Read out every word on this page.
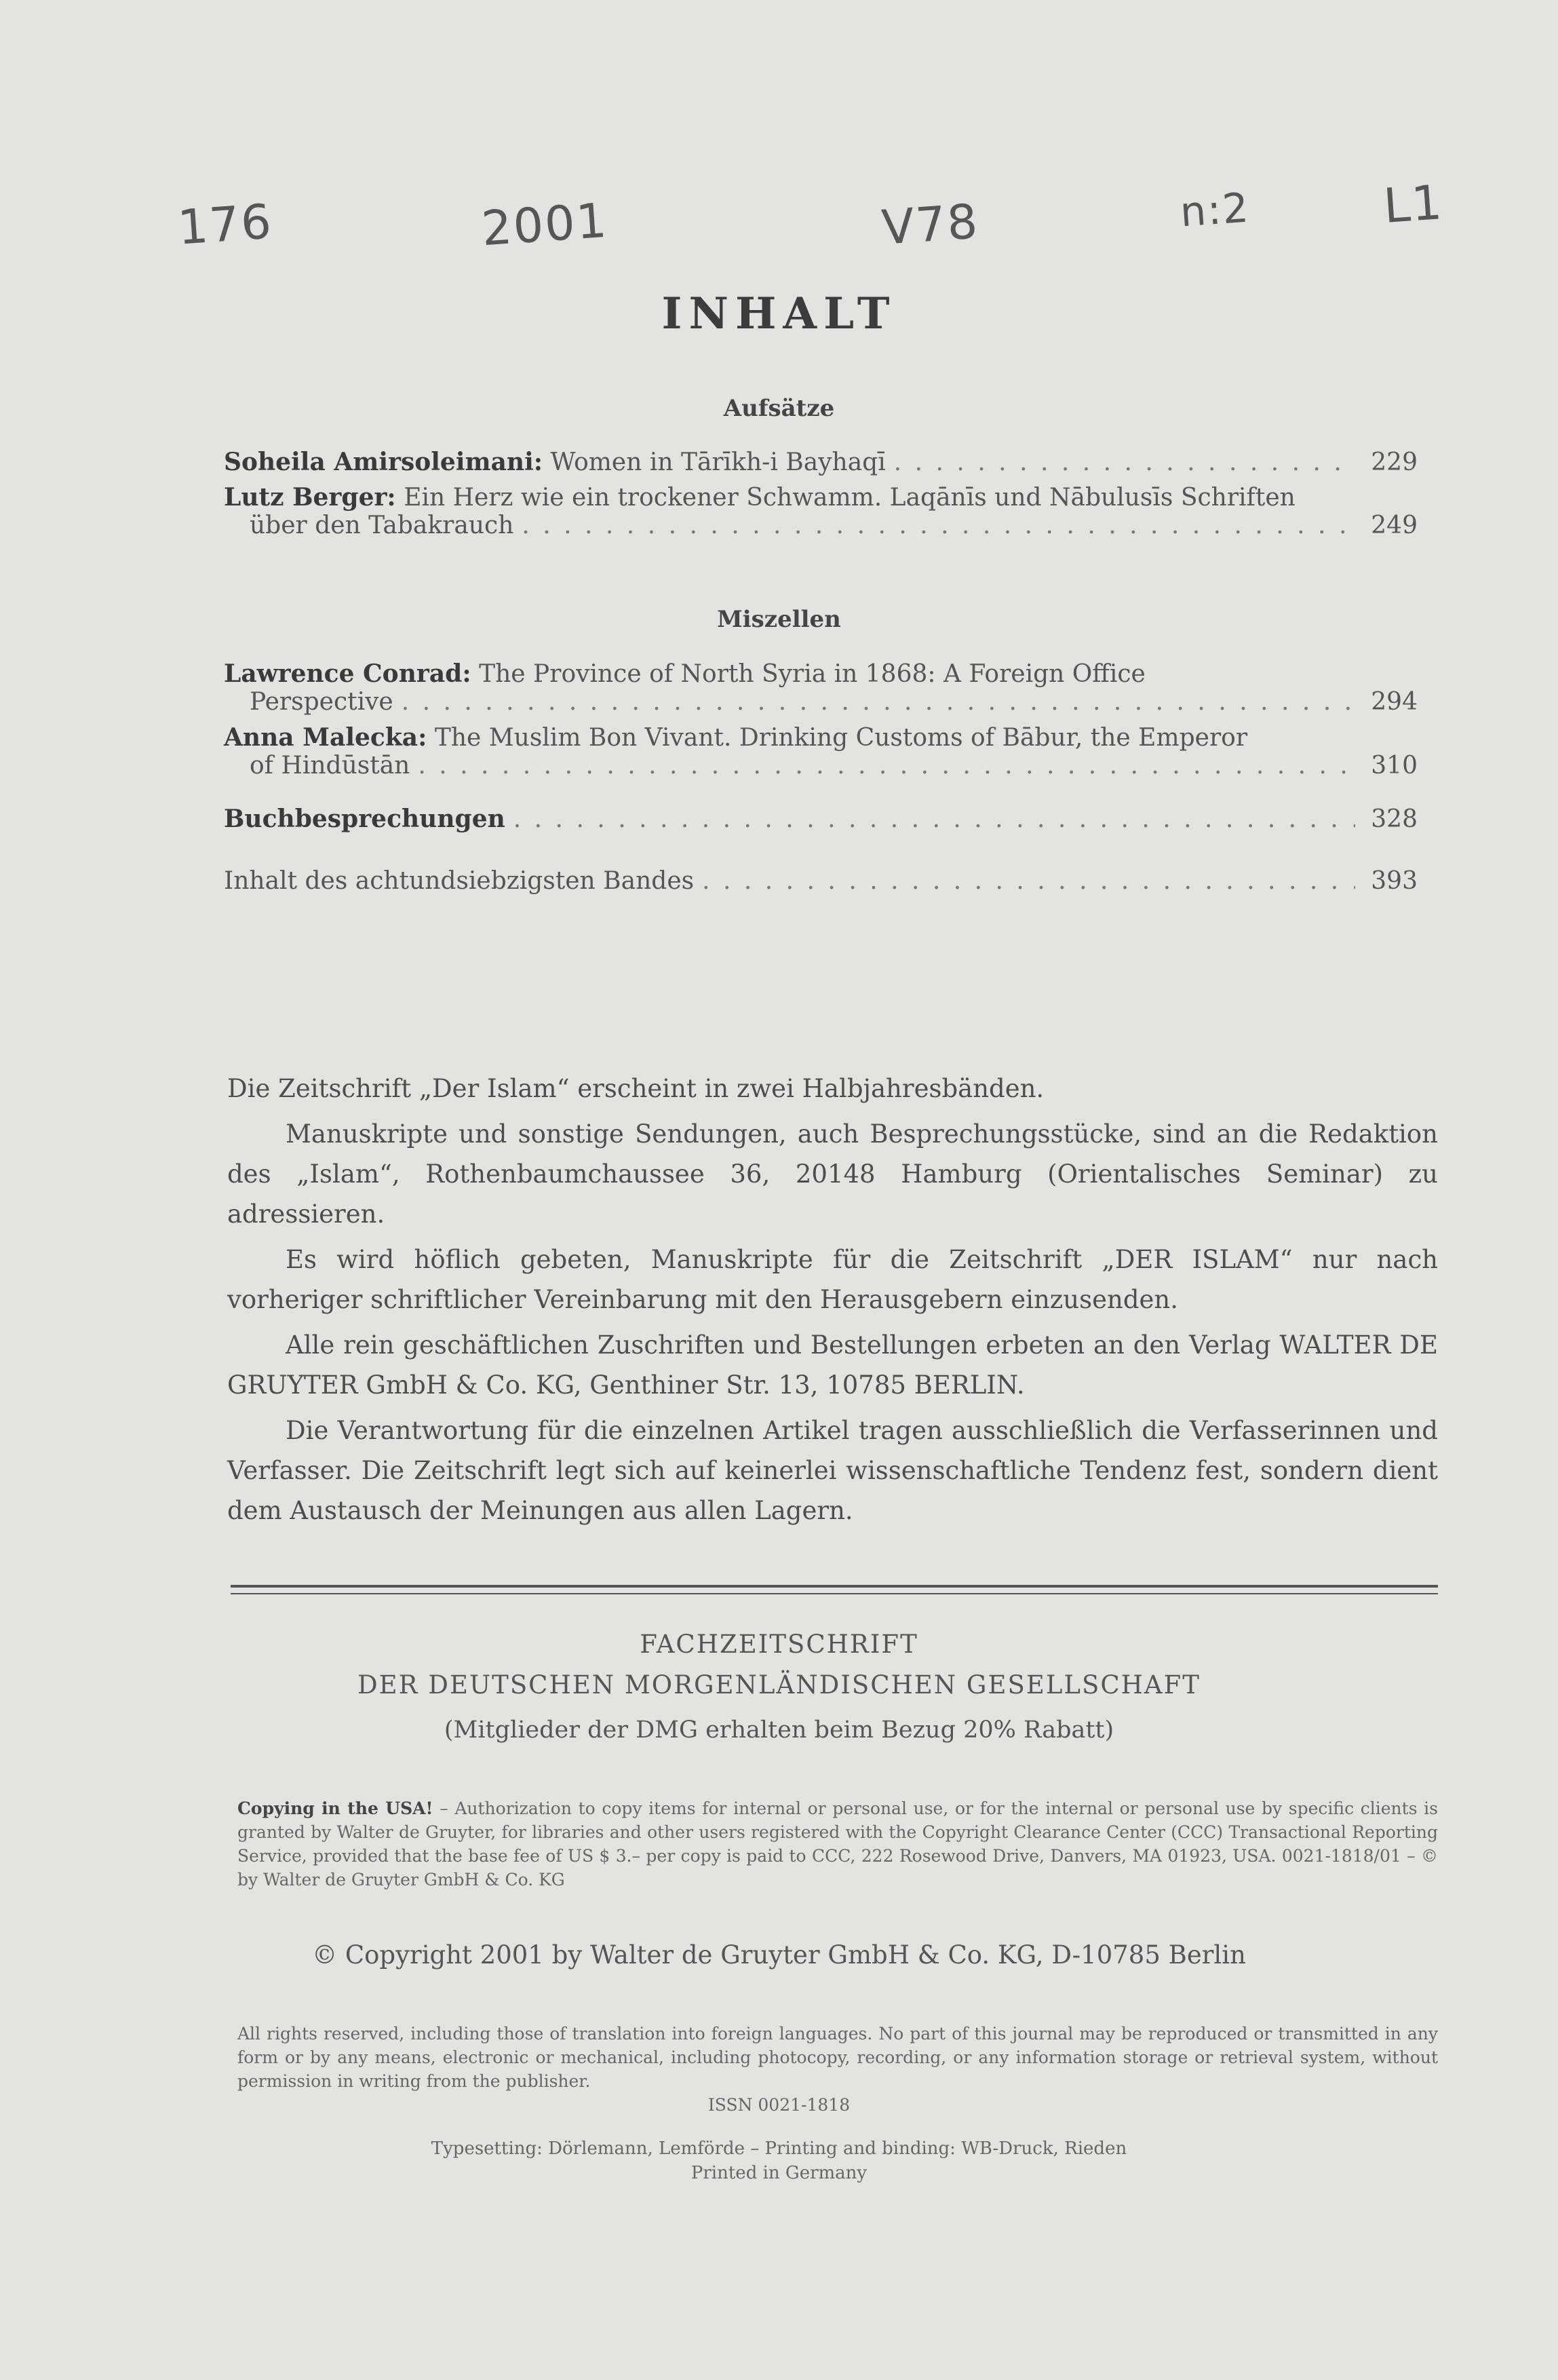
176	2001	V78	n:2	L1
INHALT
Aufsätze
Soheila Amirsoleimani: Women in Tārīkh-i Bayhaqī . . .	229
Lutz Berger: Ein Herz wie ein trockener Schwamm. Laqānīs und Nābulusīs Schriften
über den Tabakrauch . . .	249
Miszellen
Lawrence Conrad: The Province of North Syria in 1868: A Foreign Office
Perspective . . .	294
Anna Malecka: The Muslim Bon Vivant. Drinking Customs of Bābur, the Emperor
of Hindūstān . . .	310
Buchbesprechungen . . .	328
Inhalt des achtundsiebzigsten Bandes . . .	393

Die Zeitschrift „Der Islam“ erscheint in zwei Halbjahresbänden.

Manuskripte und sonstige Sendungen, auch Besprechungsstücke, sind an die Redaktion des „Islam“, Rothenbaumchaussee 36, 20148 Hamburg (Orientalisches Seminar) zu adressieren.

Es wird höflich gebeten, Manuskripte für die Zeitschrift „DER ISLAM“ nur nach vorheriger schriftlicher Vereinbarung mit den Herausgebern einzusenden.

Alle rein geschäftlichen Zuschriften und Bestellungen erbeten an den Verlag WALTER DE GRUYTER GmbH & Co. KG, Genthiner Str. 13, 10785 BERLIN.

Die Verantwortung für die einzelnen Artikel tragen ausschließlich die Verfasserinnen und Verfasser. Die Zeitschrift legt sich auf keinerlei wissenschaftliche Tendenz fest, sondern dient dem Austausch der Meinungen aus allen Lagern.

FACHZEITSCHRIFT
DER DEUTSCHEN MORGENLÄNDISCHEN GESELLSCHAFT
(Mitglieder der DMG erhalten beim Bezug 20% Rabatt)
Copying in the USA! – Authorization to copy items for internal or personal use, or for the internal or personal use by specific clients is granted by Walter de Gruyter, for libraries and other users registered with the Copyright Clearance Center (CCC) Transactional Reporting Service, provided that the base fee of US $ 3.– per copy is paid to CCC, 222 Rosewood Drive, Danvers, MA 01923, USA. 0021-1818/01 – © by Walter de Gruyter GmbH & Co. KG
© Copyright 2001 by Walter de Gruyter GmbH & Co. KG, D-10785 Berlin
All rights reserved, including those of translation into foreign languages. No part of this journal may be reproduced or transmitted in any form or by any means, electronic or mechanical, including photocopy, recording, or any information storage or retrieval system, without permission in writing from the publisher.
ISSN 0021-1818
Typesetting: Dörlemann, Lemförde – Printing and binding: WB-Druck, Rieden
Printed in Germany
